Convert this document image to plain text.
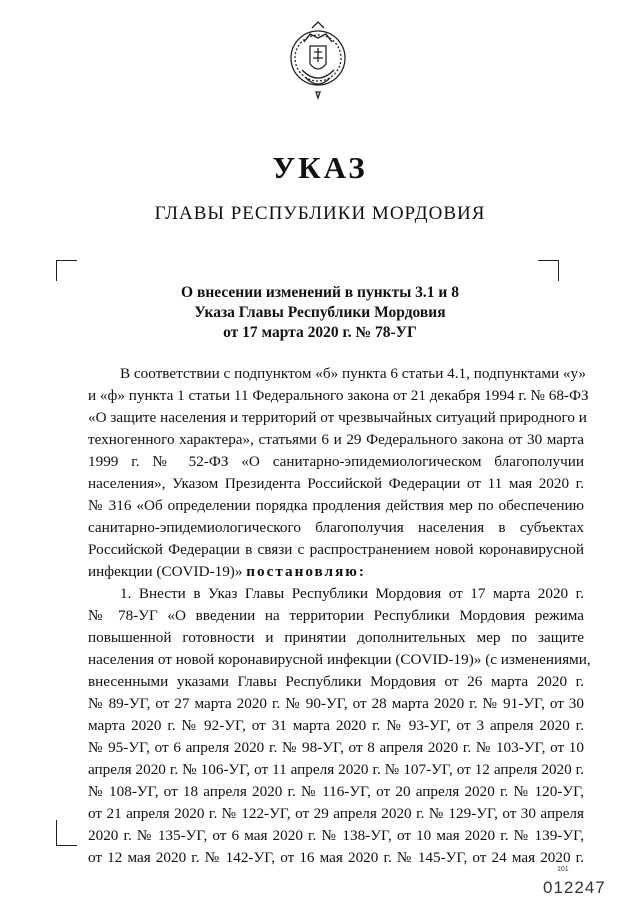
УКАЗ
ГЛАВЫ РЕСПУБЛИКИ МОРДОВИЯ
О внесении изменений в пункты 3.1 и 8
Указа Главы Республики Мордовия
от 17 марта 2020 г. № 78-УГ
В соответствии с подпунктом «б» пункта 6 статьи 4.1, подпунктами «у»
и «ф» пункта 1 статьи 11 Федерального закона от 21 декабря 1994 г. № 68-ФЗ
«О защите населения и территорий от чрезвычайных ситуаций природного и
техногенного характера», статьями 6 и 29 Федерального закона от 30 марта
1999 г. № 52-ФЗ «О санитарно-эпидемиологическом благополучии
населения», Указом Президента Российской Федерации от 11 мая 2020 г.
№ 316 «Об определении порядка продления действия мер по обеспечению
санитарно-эпидемиологического благополучия населения в субъектах
Российской Федерации в связи с распространением новой коронавирусной
инфекции (COVID-19)» постановляю:
1. Внести в Указ Главы Республики Мордовия от 17 марта 2020 г.
№ 78-УГ «О введении на территории Республики Мордовия режима
повышенной готовности и принятии дополнительных мер по защите
населения от новой коронавирусной инфекции (COVID-19)» (с изменениями,
внесенными указами Главы Республики Мордовия от 26 марта 2020 г.
№ 89-УГ, от 27 марта 2020 г. № 90-УГ, от 28 марта 2020 г. № 91-УГ, от 30
марта 2020 г. № 92-УГ, от 31 марта 2020 г. № 93-УГ, от 3 апреля 2020 г.
№ 95-УГ, от 6 апреля 2020 г. № 98-УГ, от 8 апреля 2020 г. № 103-УГ, от 10
апреля 2020 г. № 106-УГ, от 11 апреля 2020 г. № 107-УГ, от 12 апреля 2020 г.
№ 108-УГ, от 18 апреля 2020 г. № 116-УГ, от 20 апреля 2020 г. № 120-УГ,
от 21 апреля 2020 г. № 122-УГ, от 29 апреля 2020 г. № 129-УГ, от 30 апреля
2020 г. № 135-УГ, от 6 мая 2020 г. № 138-УГ, от 10 мая 2020 г. № 139-УГ,
от 12 мая 2020 г. № 142-УГ, от 16 мая 2020 г. № 145-УГ, от 24 мая 2020 г.
101
012247
